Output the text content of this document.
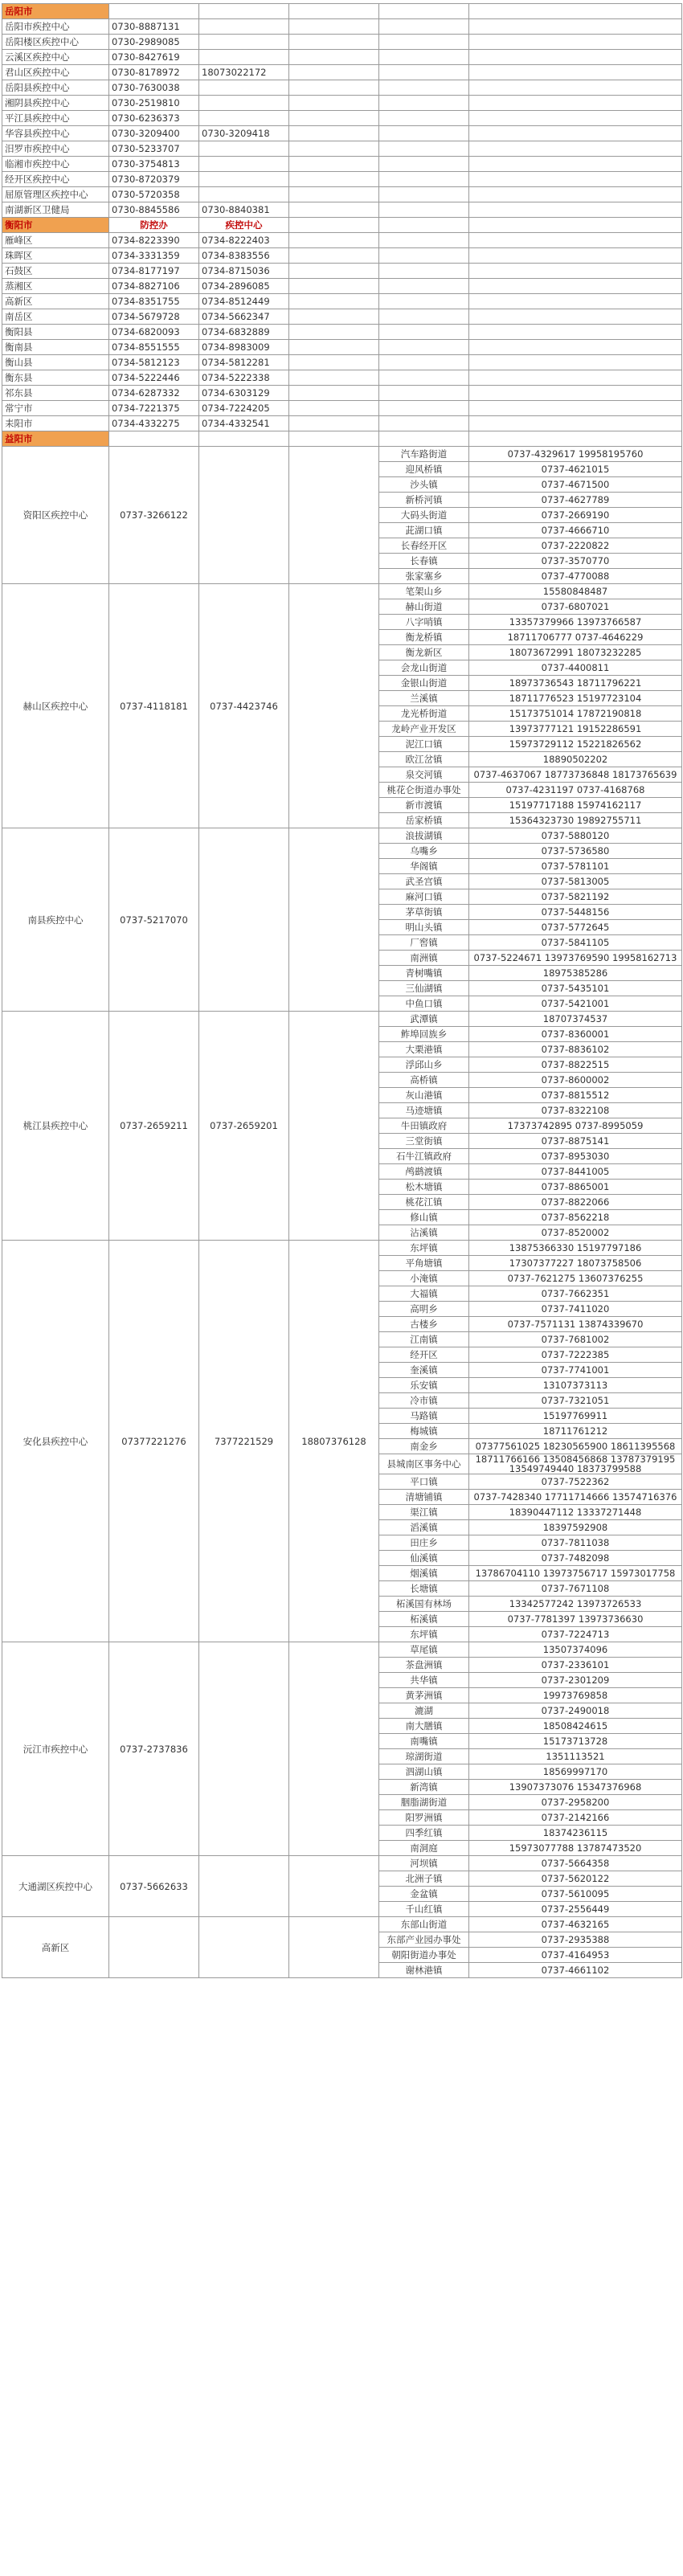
岳阳市					
岳阳市疾控中心	0730-8887131				
岳阳楼区疾控中心	0730-2989085				
云溪区疾控中心	0730-8427619				
君山区疾控中心	0730-8178972	18073022172			
岳阳县疾控中心	0730-7630038				
湘阴县疾控中心	0730-2519810				
平江县疾控中心	0730-6236373				
华容县疾控中心	0730-3209400	0730-3209418			
汨罗市疾控中心	0730-5233707				
临湘市疾控中心	0730-3754813				
经开区疾控中心	0730-8720379				
屈原管理区疾控中心	0730-5720358				
南湖新区卫健局	0730-8845586	0730-8840381			
衡阳市	防控办	疾控中心			
雁峰区	0734-8223390	0734-8222403			
珠晖区	0734-3331359	0734-8383556			
石鼓区	0734-8177197	0734-8715036			
蒸湘区	0734-8827106	0734-2896085			
高新区	0734-8351755	0734-8512449			
南岳区	0734-5679728	0734-5662347			
衡阳县	0734-6820093	0734-6832889			
衡南县	0734-8551555	0734-8983009			
衡山县	0734-5812123	0734-5812281			
衡东县	0734-5222446	0734-5222338			
祁东县	0734-6287332	0734-6303129			
常宁市	0734-7221375	0734-7224205			
耒阳市	0734-4332275	0734-4332541			
益阳市					
资阳区疾控中心	0737-3266122			汽车路街道	0737-4329617 19958195760
				迎风桥镇	0737-4621015
				沙头镇	0737-4671500
				新桥河镇	0737-4627789
				大码头街道	0737-2669190
				茈湖口镇	0737-4666710
				长春经开区	0737-2220822
				长春镇	0737-3570770
				张家塞乡	0737-4770088
赫山区疾控中心	0737-4118181	0737-4423746		笔架山乡	15580848487
				赫山街道	0737-6807021
				八字哨镇	13357379966 13973766587
				衡龙桥镇	18711706777 0737-4646229
				衡龙新区	18073672991 18073232285
				会龙山街道	0737-4400811
				金银山街道	18973736543 18711796221
				兰溪镇	18711776523 15197723104
				龙光桥街道	15173751014 17872190818
				龙岭产业开发区	13973777121 19152286591
				泥江口镇	15973729112 15221826562
				欧江岔镇	18890502202
				泉交河镇	0737-4637067 18773736848 18173765639
				桃花仑街道办事处	0737-4231197 0737-4168768
				新市渡镇	15197717188 15974162117
				岳家桥镇	15364323730 19892755711
南县疾控中心	0737-5217070			浪拔湖镇	0737-5880120
				乌嘴乡	0737-5736580
				华阁镇	0737-5781101
				武圣宫镇	0737-5813005
				麻河口镇	0737-5821192
				茅草街镇	0737-5448156
				明山头镇	0737-5772645
				厂窖镇	0737-5841105
				南洲镇	0737-5224671 13973769590 19958162713
				青树嘴镇	18975385286
				三仙湖镇	0737-5435101
				中鱼口镇	0737-5421001
桃江县疾控中心	0737-2659211	0737-2659201		武潭镇	18707374537
				鲊埠回族乡	0737-8360001
				大栗港镇	0737-8836102
				浮邱山乡	0737-8822515
				高桥镇	0737-8600002
				灰山港镇	0737-8815512
				马迹塘镇	0737-8322108
				牛田镇政府	17373742895 0737-8995059
				三堂街镇	0737-8875141
				石牛江镇政府	0737-8953030
				鸬鹚渡镇	0737-8441005
				松木塘镇	0737-8865001
				桃花江镇	0737-8822066
				修山镇	0737-8562218
				沾溪镇	0737-8520002
安化县疾控中心	07377221276	7377221529	18807376128	东坪镇	13875366330 15197797186
				平角塘镇	17307377227 18073758506
				小淹镇	0737-7621275 13607376255
				大福镇	0737-7662351
				高明乡	0737-7411020
				古楼乡	0737-7571131 13874339670
				江南镇	0737-7681002
				经开区	0737-7222385
				奎溪镇	0737-7741001
				乐安镇	13107373113
				冷市镇	0737-7321051
				马路镇	15197769911
				梅城镇	18711761212
				南金乡	07377561025 18230565900 18611395568
				县城南区事务中心	18711766166 13508456868 13787379195 13549749440 18373799588
				平口镇	0737-7522362
				清塘铺镇	0737-7428340 17711714666 13574716376
				渠江镇	18390447112 13337271448
				滔溪镇	18397592908
				田庄乡	0737-7811038
				仙溪镇	0737-7482098
				烟溪镇	13786704110 13973756717 15973017758
				长塘镇	0737-7671108
				柘溪国有林场	13342577242 13973726533
				柘溪镇	0737-7781397 13973736630
				东坪镇	0737-7224713
沅江市疾控中心	0737-2737836			草尾镇	13507374096
				茶盘洲镇	0737-2336101
				共华镇	0737-2301209
				黄茅洲镇	19973769858
				漉湖	0737-2490018
				南大膳镇	18508424615
				南嘴镇	15173713728
				琼湖街道	1351113521
				泗湖山镇	18569997170
				新湾镇	13907373076 15347376968
				胭脂湖街道	0737-2958200
				阳罗洲镇	0737-2142166
				四季红镇	18374236115
				南洞庭	15973077788 13787473520
大通湖区疾控中心	0737-5662633			河坝镇	0737-5664358
				北洲子镇	0737-5620122
				金盆镇	0737-5610095
				千山红镇	0737-2556449
高新区				东部山街道	0737-4632165
				东部产业园办事处	0737-2935388
				朝阳街道办事处	0737-4164953
				谢林港镇	0737-4661102
